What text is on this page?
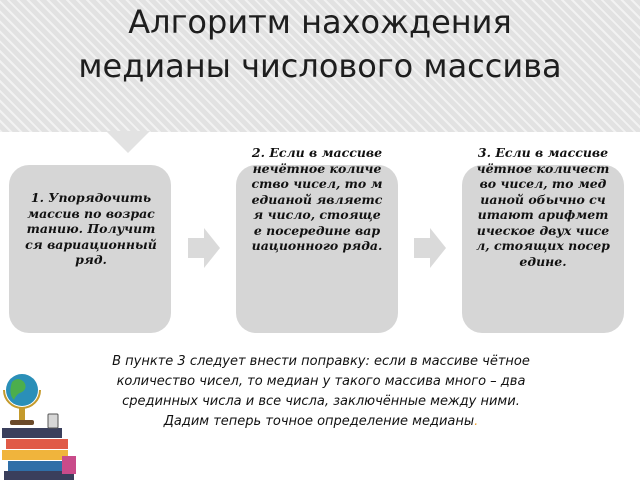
Алгоритм нахождения медианы числового массива
1. Упорядочить массив по возрастанию. Получится вариационный ряд.
2. Если в массиве нечётное количество чисел, то медианой является число, стоящее посередине вариационного ряда.
3. Если в массиве чётное количество чисел, то медианой обычно считают арифметическое двух чисел, стоящих посередине.

В пункте 3 следует внести поправку: если в массиве чётное количество чисел, то медиан у такого массива много – два срединных числа и все числа, заключённые между ними. Дадим теперь точное определение медианы.
